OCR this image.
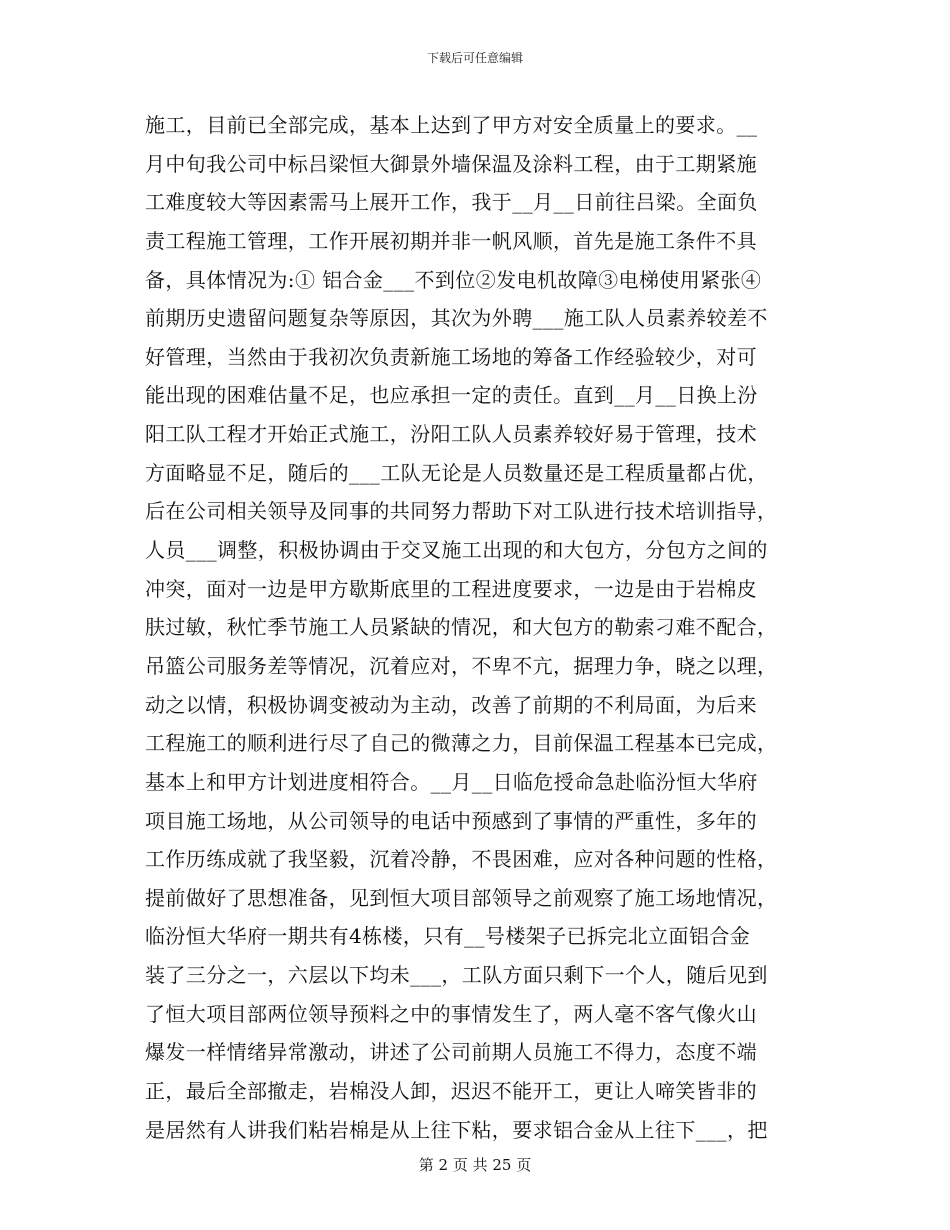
下载后可任意编辑
施工，目前已全部完成，基本上达到了甲方对安全质量上的要求。__
月中旬我公司中标吕梁恒大御景外墙保温及涂料工程，由于工期紧施
工难度较大等因素需马上展开工作，我于__月__日前往吕梁。全面负
责工程施工管理，工作开展初期并非一帆风顺，首先是施工条件不具
备，具体情况为:① 铝合金___不到位②发电机故障③电梯使用紧张④
前期历史遗留问题复杂等原因，其次为外聘___施工队人员素养较差不
好管理，当然由于我初次负责新施工场地的筹备工作经验较少，对可
能出现的困难估量不足，也应承担一定的责任。直到__月__日换上汾
阳工队工程才开始正式施工，汾阳工队人员素养较好易于管理，技术
方面略显不足，随后的___工队无论是人员数量还是工程质量都占优，
后在公司相关领导及同事的共同努力帮助下对工队进行技术培训指导，
人员___调整，积极协调由于交叉施工出现的和大包方，分包方之间的
冲突，面对一边是甲方歇斯底里的工程进度要求，一边是由于岩棉皮
肤过敏，秋忙季节施工人员紧缺的情况，和大包方的勒索刁难不配合，
吊篮公司服务差等情况，沉着应对，不卑不亢，据理力争，晓之以理，
动之以情，积极协调变被动为主动，改善了前期的不利局面，为后来
工程施工的顺利进行尽了自己的微薄之力，目前保温工程基本已完成，
基本上和甲方计划进度相符合。__月__日临危授命急赴临汾恒大华府
项目施工场地，从公司领导的电话中预感到了事情的严重性，多年的
工作历练成就了我坚毅，沉着冷静，不畏困难，应对各种问题的性格，
提前做好了思想准备，见到恒大项目部领导之前观察了施工场地情况，
临汾恒大华府一期共有4栋楼，只有__号楼架子已拆完北立面铝合金
装了三分之一，六层以下均未___，工队方面只剩下一个人，随后见到
了恒大项目部两位领导预料之中的事情发生了，两人毫不客气像火山
爆发一样情绪异常激动，讲述了公司前期人员施工不得力，态度不端
正，最后全部撤走，岩棉没人卸，迟迟不能开工，更让人啼笑皆非的
是居然有人讲我们粘岩棉是从上往下粘，要求铝合金从上往下___，把
第 2 页 共 25 页
